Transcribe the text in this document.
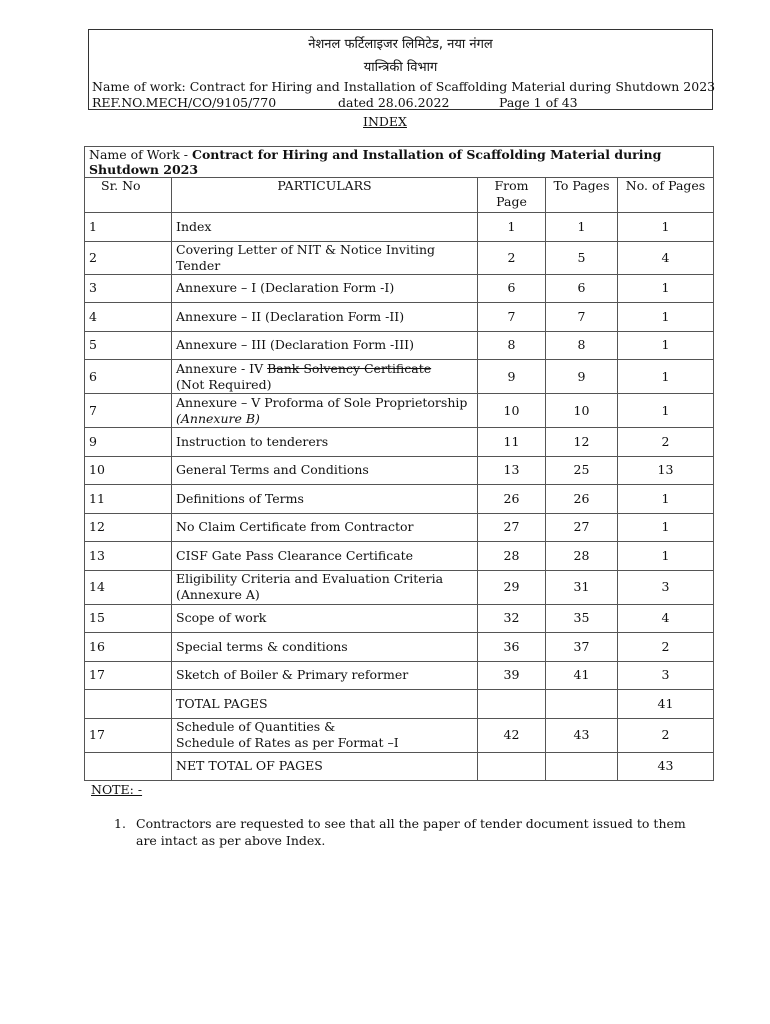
नेशनल फर्टिलाइजर लिमिटेड, नया नंगल
यान्त्रिकी विभाग
Name of work: Contract for Hiring and Installation of Scaffolding Material during Shutdown 2023
REF.NO.MECH/CO/9105/770	dated 28.06.2022	Page 1 of 43
INDEX
Name of Work - Contract for Hiring and Installation of Scaffolding Material during Shutdown 2023				
Sr. No	PARTICULARS	From Page	To Pages	No. of Pages
1	Index	1	1	1
2	Covering Letter of NIT & Notice Inviting Tender	2	5	4
3	Annexure – I (Declaration Form -I)	6	6	1
4	Annexure – II (Declaration Form -II)	7	7	1
5	Annexure – III (Declaration Form -III)	8	8	1
6	Annexure - IV Bank Solvency Certificate
(Not Required)	9	9	1
7	Annexure – V Proforma of Sole Proprietorship
(Annexure B)	10	10	1
9	Instruction to tenderers	11	12	2
10	General Terms and Conditions	13	25	13
11	Definitions of Terms	26	26	1
12	No Claim Certificate from Contractor	27	27	1
13	CISF Gate Pass Clearance Certificate	28	28	1
14	Eligibility Criteria and Evaluation Criteria
(Annexure A)	29	31	3
15	Scope of work	32	35	4
16	Special terms & conditions	36	37	2
17	Sketch of Boiler & Primary reformer	39	41	3
	TOTAL PAGES			41
17	Schedule of Quantities &
Schedule of Rates as per Format –I	42	43	2
	NET TOTAL OF PAGES			43
NOTE: -
1. Contractors are requested to see that all the paper of tender document issued to them are intact as per above Index.
